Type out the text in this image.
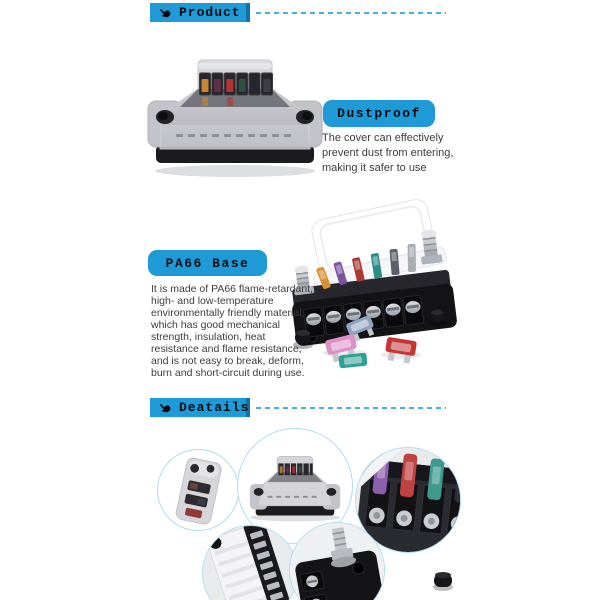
Product
Dustproof
The cover can effectively
prevent dust from entering,
making it safer to use
PA66 Base
It is made of PA66 flame-retardant,
high- and low-temperature
environmentally friendly material,
which has good mechanical
strength, insulation, heat
resistance and flame resistance,
and is not easy to break, deform,
burn and short-circuit during use.
Deatails
